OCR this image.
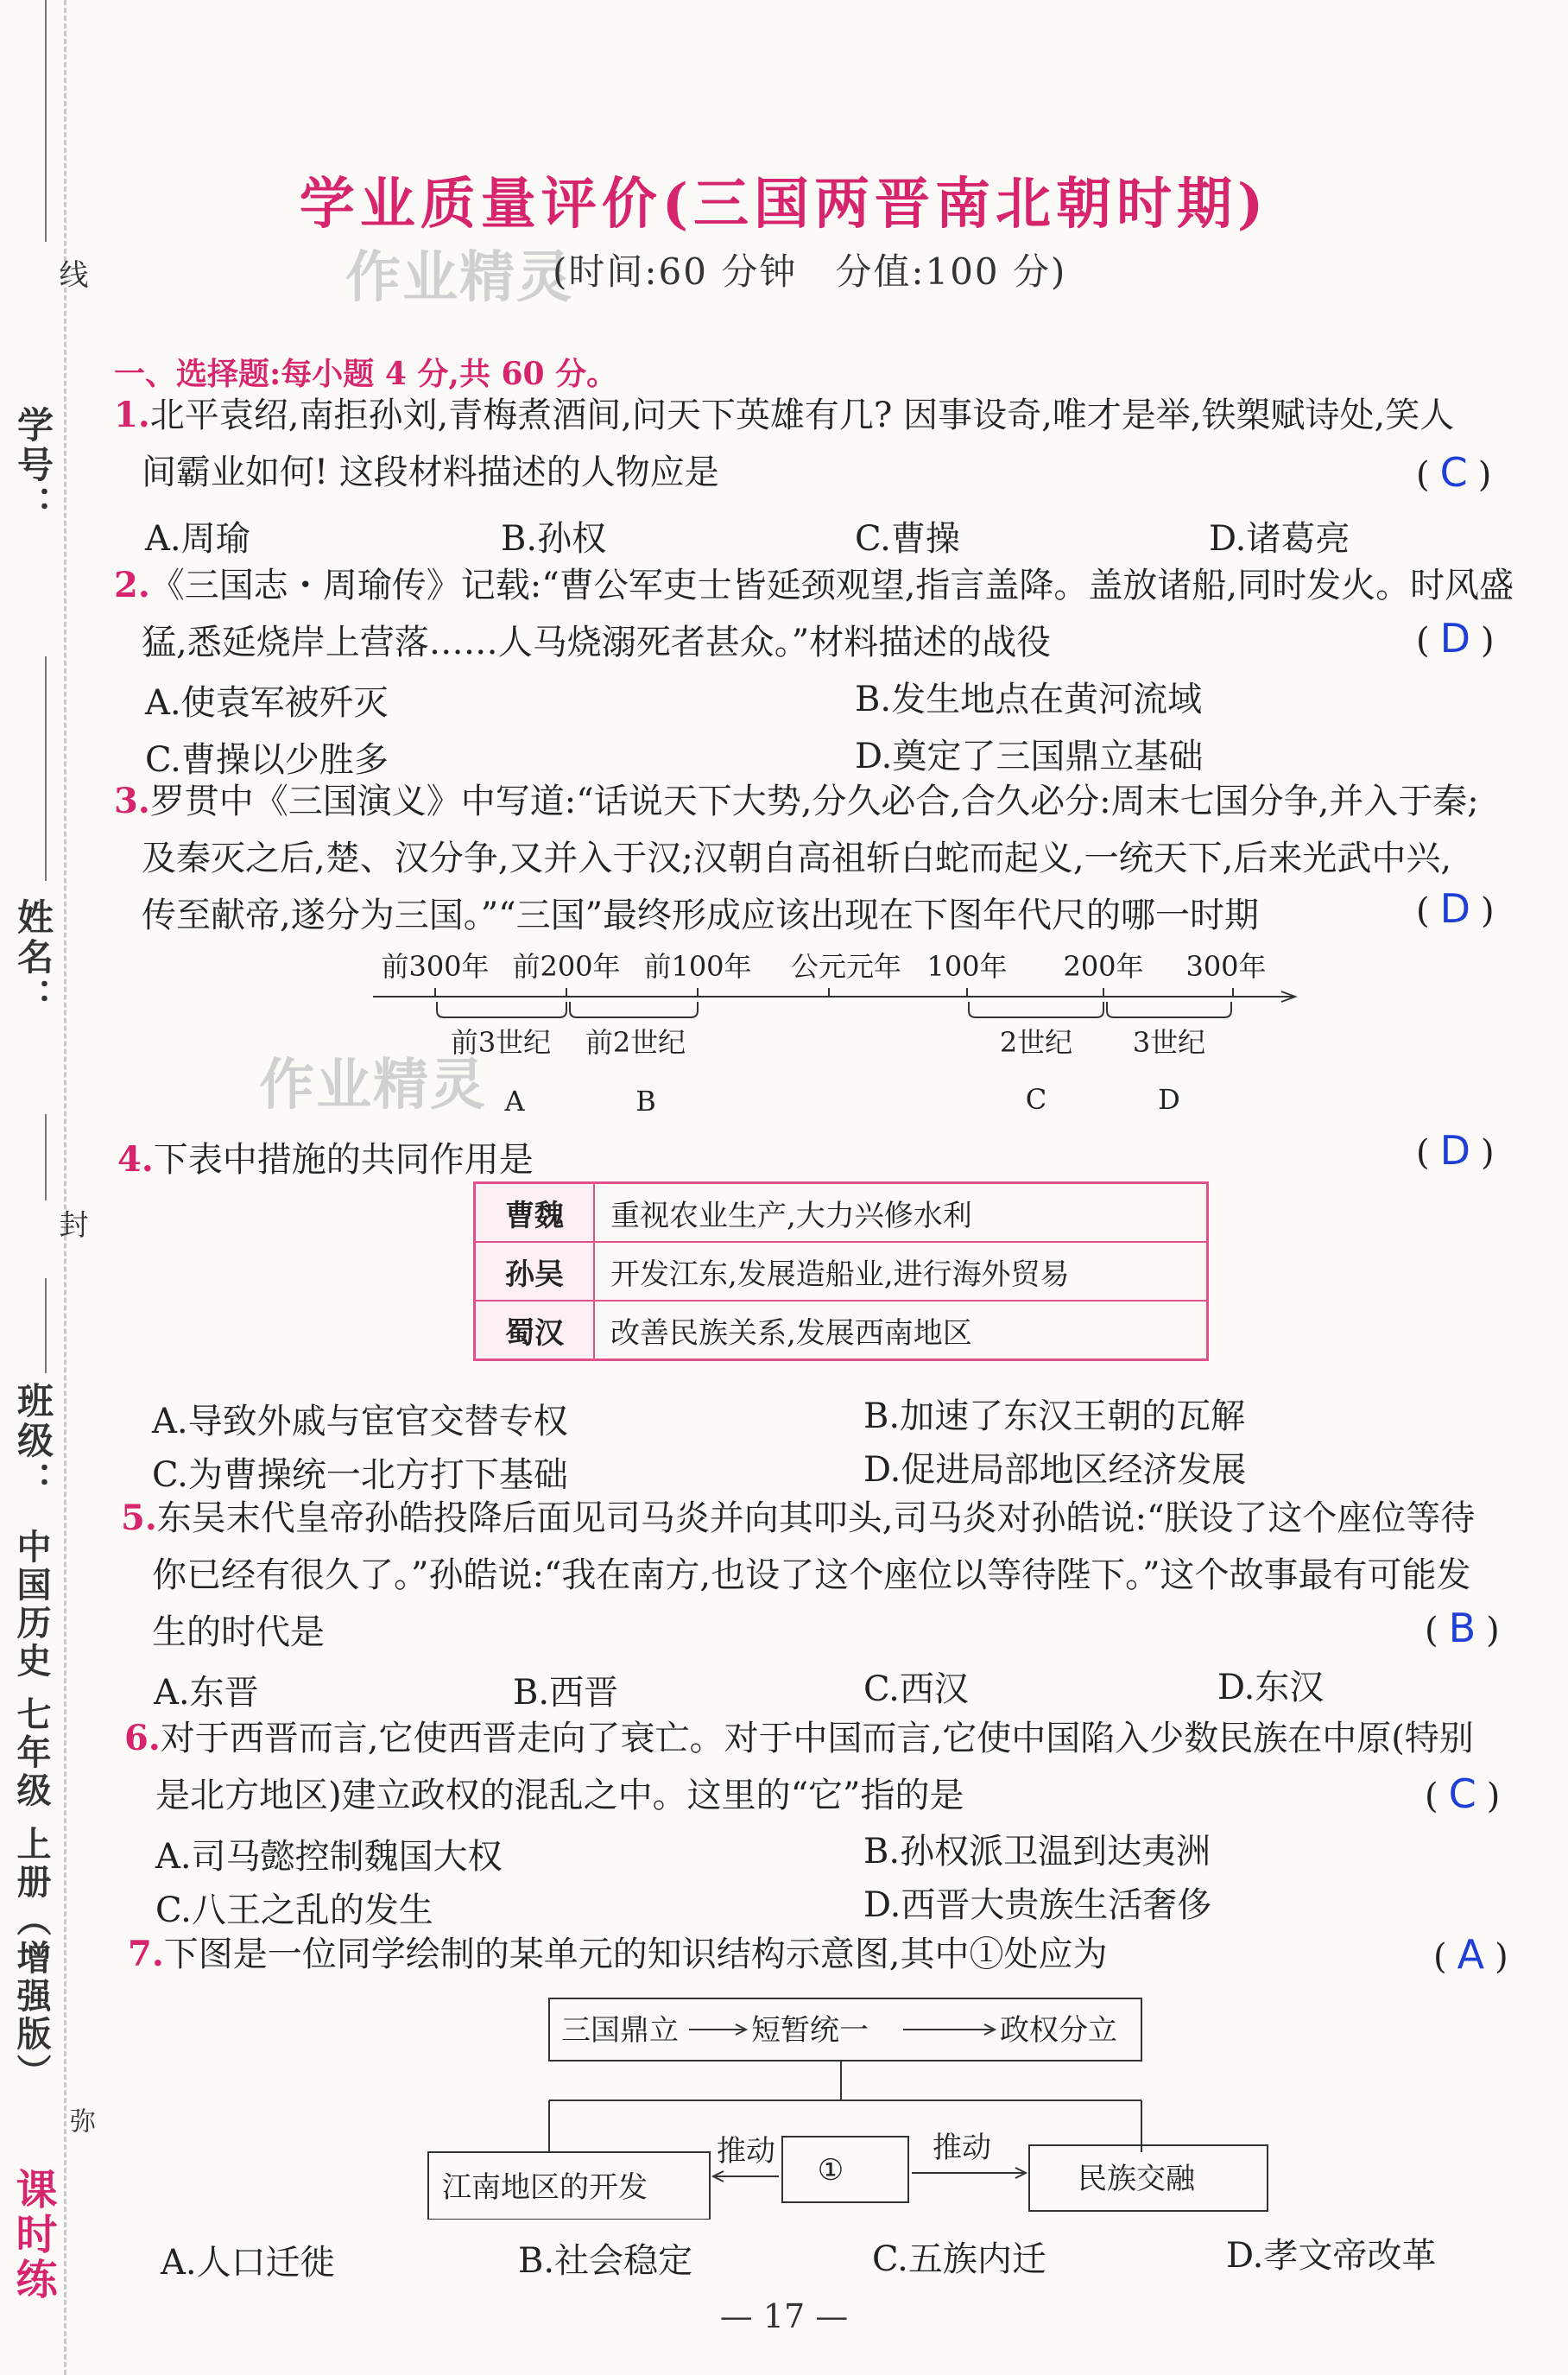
线
学号：
姓名：
封
班级：
中国历史 七年级 上册（增强版）
弥
课时练
学业质量评价(三国两晋南北朝时期)
作业精灵
(时间:60 分钟　分值:100 分)
一、选择题:每小题 4 分,共 60 分。
1.北平袁绍,南拒孙刘,青梅煮酒间,问天下英雄有几? 因事设奇,唯才是举,铁槊赋诗处,笑人
间霸业如何! 这段材料描述的人物应是	( C )
A.周瑜	B.孙权	C.曹操	D.诸葛亮
2.《三国志・周瑜传》记载:“曹公军吏士皆延颈观望,指言盖降。盖放诸船,同时发火。时风盛
猛,悉延烧岸上营落……人马烧溺死者甚众。”材料描述的战役	( D )
A.使袁军被歼灭	B.发生地点在黄河流域
C.曹操以少胜多	D.奠定了三国鼎立基础
3.罗贯中《三国演义》中写道:“话说天下大势,分久必合,合久必分:周末七国分争,并入于秦;
及秦灭之后,楚、汉分争,又并入于汉;汉朝自高祖斩白蛇而起义,一统天下,后来光武中兴,
传至献帝,遂分为三国。”“三国”最终形成应该出现在下图年代尺的哪一时期	( D )
作业精灵
前300年 前200年 前100年 公元元年 100年 200年 300年
前3世纪 前2世纪	2世纪 3世纪
A	B	C	D
4.下表中措施的共同作用是	( D )
曹魏	重视农业生产,大力兴修水利
孙吴	开发江东,发展造船业,进行海外贸易
蜀汉	改善民族关系,发展西南地区
A.导致外戚与宦官交替专权	B.加速了东汉王朝的瓦解
C.为曹操统一北方打下基础	D.促进局部地区经济发展
5.东吴末代皇帝孙皓投降后面见司马炎并向其叩头,司马炎对孙皓说:“朕设了这个座位等待
你已经有很久了。”孙皓说:“我在南方,也设了这个座位以等待陛下。”这个故事最有可能发
生的时代是	( B )
A.东晋	B.西晋	C.西汉	D.东汉
6.对于西晋而言,它使西晋走向了衰亡。对于中国而言,它使中国陷入少数民族在中原(特别
是北方地区)建立政权的混乱之中。这里的“它”指的是	( C )
A.司马懿控制魏国大权	B.孙权派卫温到达夷洲
C.八王之乱的发生	D.西晋大贵族生活奢侈
7.下图是一位同学绘制的某单元的知识结构示意图,其中①处应为	( A )
三国鼎立 短暂统一	政权分立
江南地区的开发	①	民族交融
推动	推动
A.人口迁徙	B.社会稳定	C.五族内迁	D.孝文帝改革
— 17 —
